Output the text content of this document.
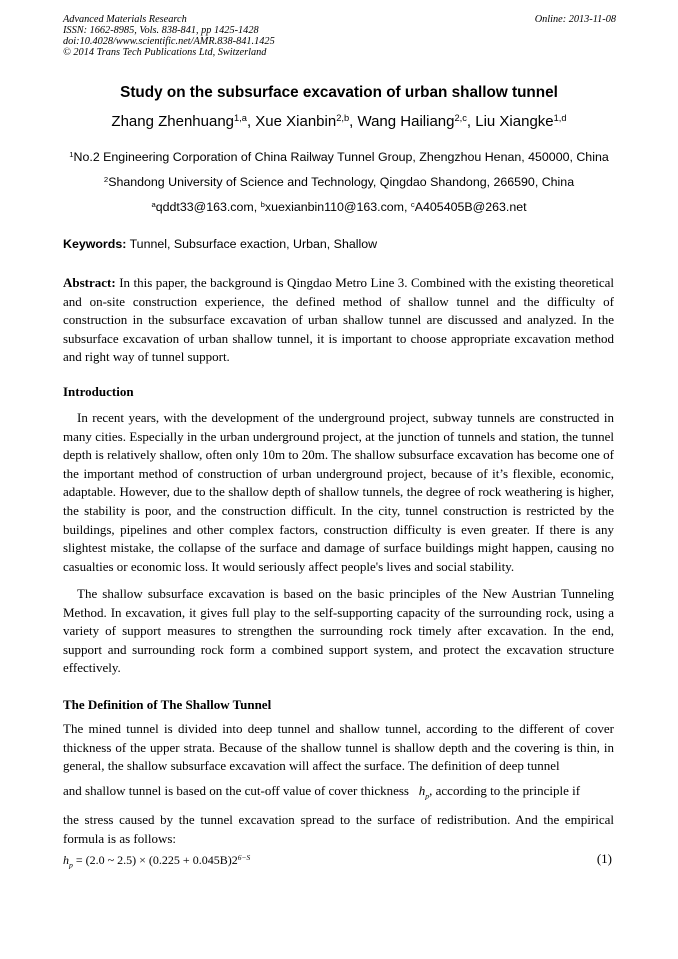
Advanced Materials Research
ISSN: 1662-8985, Vols. 838-841, pp 1425-1428
doi:10.4028/www.scientific.net/AMR.838-841.1425
© 2014 Trans Tech Publications Ltd, Switzerland
Online: 2013-11-08
Study on the subsurface excavation of urban shallow tunnel
Zhang Zhenhuang$^{1,a}$, Xue Xianbin$^{2,b}$, Wang Hailiang$^{2,c}$, Liu Xiangke$^{1,d}$
$^1$No.2 Engineering Corporation of China Railway Tunnel Group, Zhengzhou Henan, 450000, China
$^2$Shandong University of Science and Technology, Qingdao Shandong, 266590, China
$^a$qddt33@163.com, $^b$xuexianbin110@163.com, $^c$A405405B@263.net
Keywords: Tunnel, Subsurface exaction, Urban, Shallow

Abstract: In this paper, the background is Qingdao Metro Line 3. Combined with the existing theoretical and on-site construction experience, the defined method of shallow tunnel and the difficulty of construction in the subsurface excavation of urban shallow tunnel are discussed and analyzed. In the subsurface excavation of urban shallow tunnel, it is important to choose appropriate excavation method and right way of tunnel support.

Introduction

In recent years, with the development of the underground project, subway tunnels are constructed in many cities. Especially in the urban underground project, at the junction of tunnels and station, the tunnel depth is relatively shallow, often only 10m to 20m. The shallow subsurface excavation has become one of the important method of construction of urban underground project, because of it’s flexible, economic, adaptable. However, due to the shallow depth of shallow tunnels, the degree of rock weathering is higher, the stability is poor, and the construction difficult. In the city, tunnel construction is restricted by the buildings, pipelines and other complex factors, construction difficulty is even greater. If there is any slightest mistake, the collapse of the surface and damage of surface buildings might happen, causing no casualties or economic loss. It would seriously affect people's lives and social stability.

The shallow subsurface excavation is based on the basic principles of the New Austrian Tunneling Method. In excavation, it gives full play to the self-supporting capacity of the surrounding rock, using a variety of support measures to strengthen the surrounding rock timely after excavation. In the end, support and surrounding rock form a combined support system, and protect the excavation structure effectively.

The Definition of The Shallow Tunnel

The mined tunnel is divided into deep tunnel and shallow tunnel, according to the different of cover thickness of the upper strata. Because of the shallow tunnel is shallow depth and the covering is thin, in general, the shallow subsurface excavation will affect the surface. The definition of deep tunnel

and shallow tunnel is based on the cut-off value of cover thickness $h_p$, according to the principle if

the stress caused by the tunnel excavation spread to the surface of redistribution. And the empirical formula is as follows:

$h_p = (2.0$ ~ $2.5) \times (0.225 + 0.045B)2^{6-S}$	(1)
